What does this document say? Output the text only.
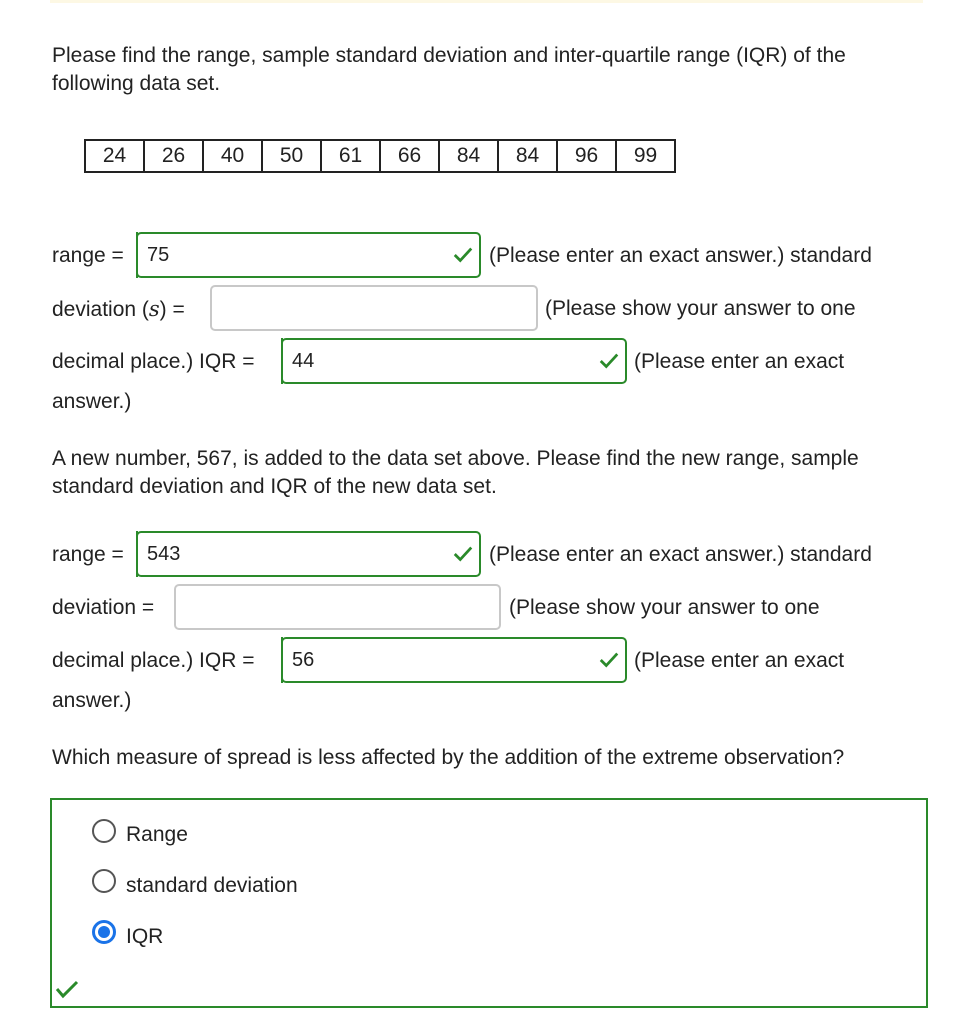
Please find the range, sample standard deviation and inter-quartile range (IQR) of the following data set.

24	26	40	50	61	66	84	84	96	99
range =	75	(Please enter an exact answer.) standard
deviation (s) =	(Please show your answer to one
decimal place.) IQR =	44	(Please enter an exact
answer.)

A new number, 567, is added to the data set above. Please find the new range, sample standard deviation and IQR of the new data set.

range =	543	(Please enter an exact answer.) standard
deviation =	(Please show your answer to one
decimal place.) IQR =	56	(Please enter an exact
answer.)

Which measure of spread is less affected by the addition of the extreme observation?

Range
standard deviation
IQR
